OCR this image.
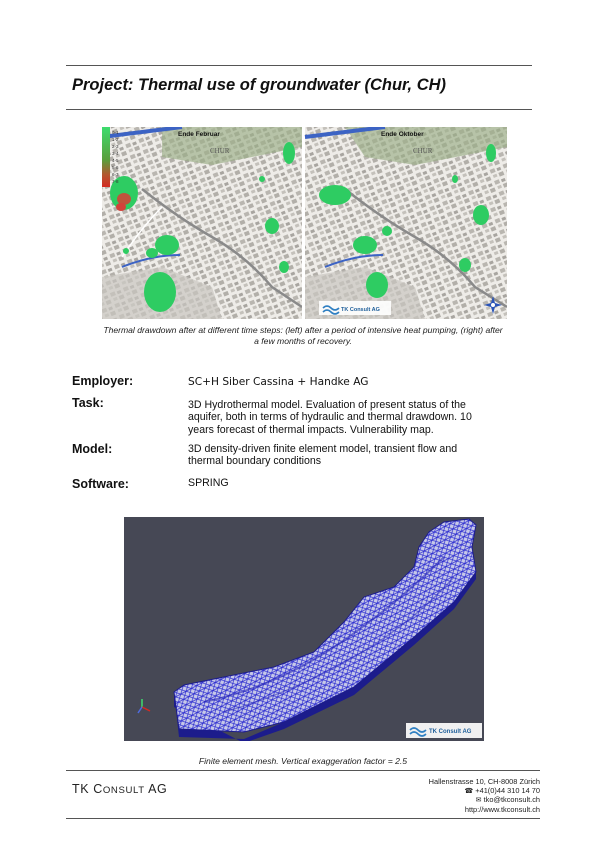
Project: Thermal use of groundwater (Chur, CH)
0-1
1-2
2-3
3-4
4-5
5-6
6-7
7-8
Ende Februar
CHUR
Ende Oktober
CHUR
TK Consult AG
Thermal drawdown after at different time steps: (left) after a period of intensive heat pumping, (right) after
a few months of recovery.
Employer:	SC+H Siber Cassina + Handke AG
Task:	3D Hydrothermal model. Evaluation of present status of the
aquifer, both in terms of hydraulic and thermal drawdown. 10
years forecast of thermal impacts. Vulnerability map.
Model:	3D density-driven finite element model, transient flow and
thermal boundary conditions
Software:	SPRING
TK Consult AG
Finite element mesh. Vertical exaggeration factor = 2.5
TK CONSULT AG
Hallenstrasse 10, CH-8008 Zürich
☎ +41(0)44 310 14 70
✉ tko@tkconsult.ch
http://www.tkconsult.ch
